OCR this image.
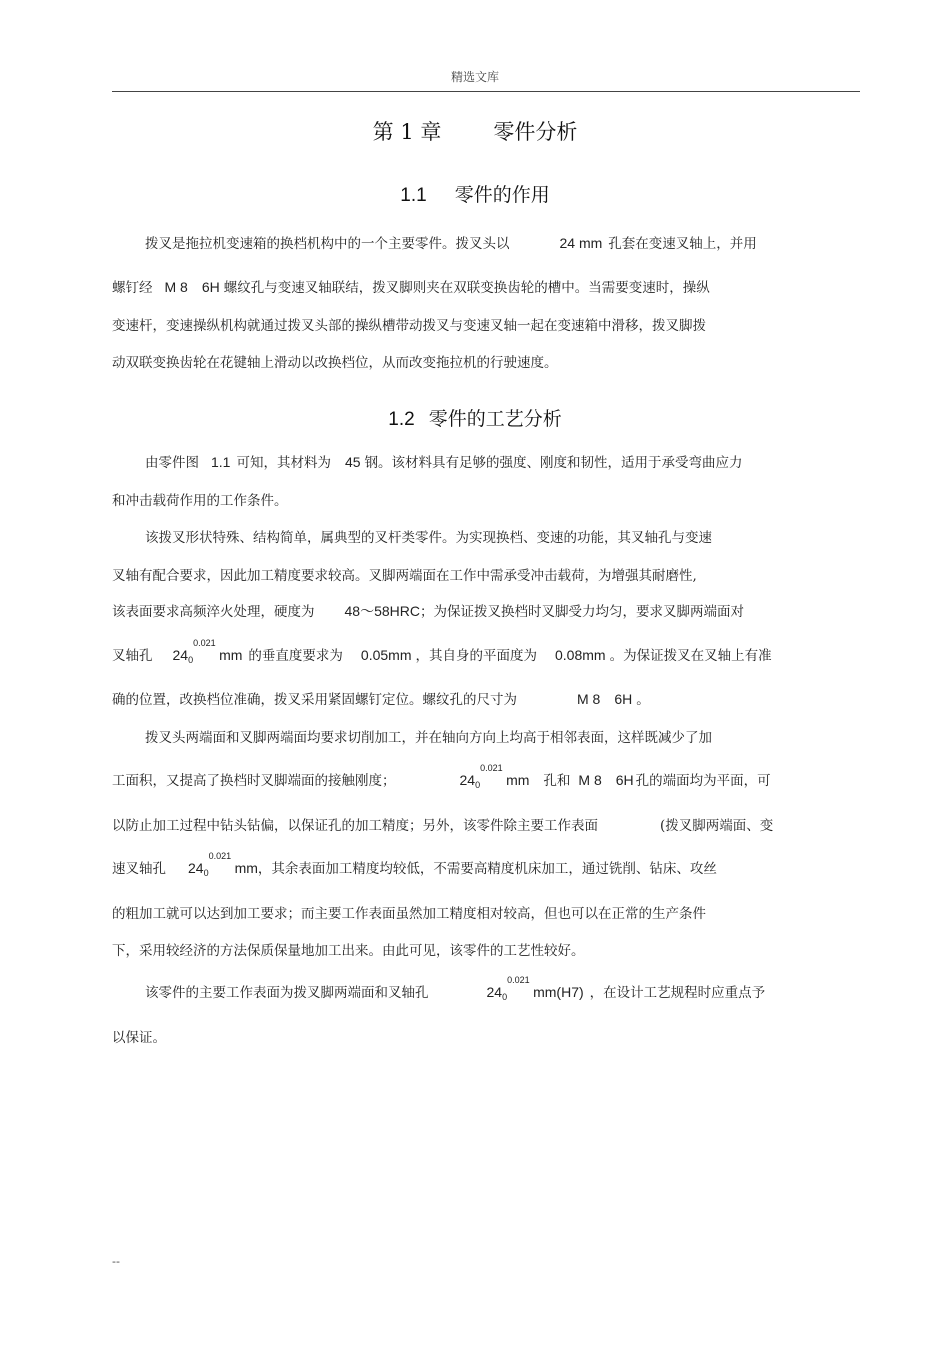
精选文库
第 1 章 零件分析
1.1 零件的作用
拨叉是拖拉机变速箱的换档机构中的一个主要零件。拨叉头以	24 mm 孔套在变速叉轴上，并用
螺钉经 M 8 6H 螺纹孔与变速叉轴联结，拨叉脚则夹在双联变换齿轮的槽中。当需要变速时，操纵
变速杆，变速操纵机构就通过拨叉头部的操纵槽带动拨叉与变速叉轴一起在变速箱中滑移，拨叉脚拨
动双联变换齿轮在花键轴上滑动以改换档位，从而改变拖拉机的行驶速度。
1.2 零件的工艺分析
由零件图 1.1 可知，其材料为 45 钢。该材料具有足够的强度、刚度和韧性，适用于承受弯曲应力
和冲击载荷作用的工作条件。
该拨叉形状特殊、结构简单，属典型的叉杆类零件。为实现换档、变速的功能，其叉轴孔与变速
叉轴有配合要求，因此加工精度要求较高。叉脚两端面在工作中需承受冲击载荷，为增强其耐磨性,
该表面要求高频淬火处理，硬度为 48～58HRC；为保证拨叉换档时叉脚受力均匀，要求叉脚两端面对
叉轴孔 $24_0$
0.021
mm 的垂直度要求为 0.05mm ，其自身的平面度为 0.08mm 。为保证拨叉在叉轴上有准
确的位置，改换档位准确，拨叉采用紧固螺钉定位。螺纹孔的尺寸为	M 8 6H 。
拨叉头两端面和叉脚两端面均要求切削加工，并在轴向方向上均高于相邻表面，这样既减少了加
工面积，又提高了换档时叉脚端面的接触刚度；	$24_0$
0.021
mm 孔和 M 8 6H 孔的端面均为平面，可
以防止加工过程中钻头钻偏，以保证孔的加工精度；另外，该零件除主要工作表面	(拨叉脚两端面、变
速叉轴孔 $24_0$
0.021
mm，其余表面加工精度均较低，不需要高精度机床加工，通过铣削、钻床、攻丝
的粗加工就可以达到加工要求；而主要工作表面虽然加工精度相对较高，但也可以在正常的生产条件
下，采用较经济的方法保质保量地加工出来。由此可见，该零件的工艺性较好。
该零件的主要工作表面为拨叉脚两端面和叉轴孔	$24_0$
0.021
mm(H7) ，在设计工艺规程时应重点予
以保证。
--
